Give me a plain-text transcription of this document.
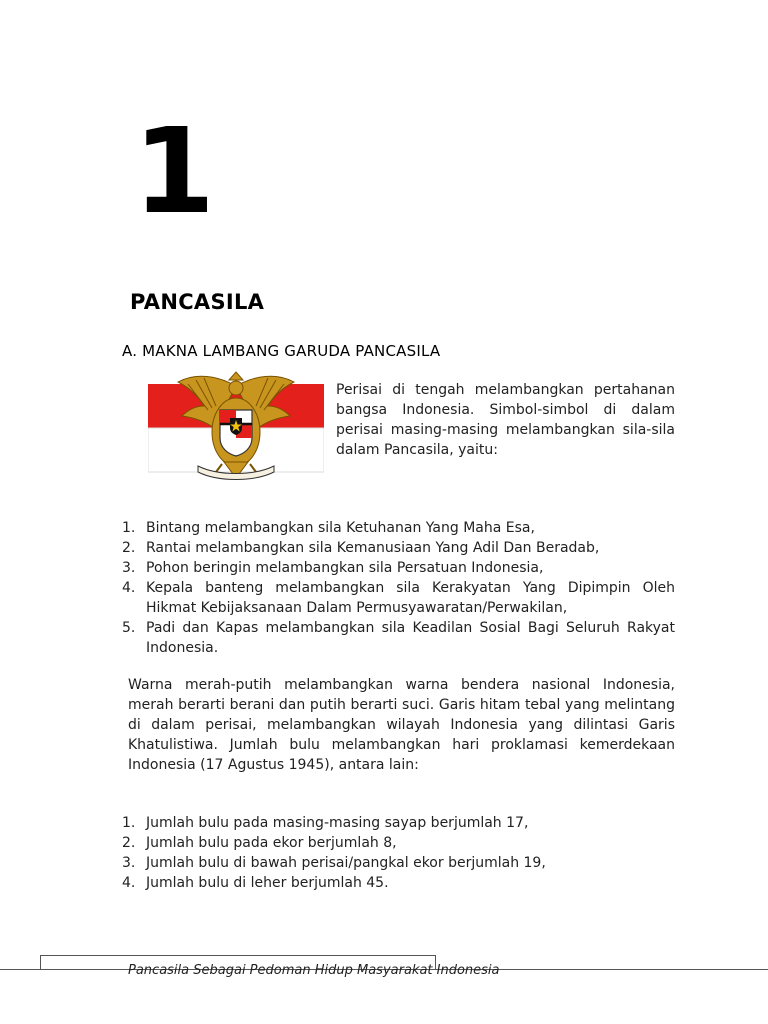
1
PANCASILA
A. MAKNA LAMBANG GARUDA PANCASILA
Perisai di tengah melambangkan pertahanan bangsa Indonesia. Simbol-simbol di dalam perisai masing-masing melambangkan sila-sila dalam Pancasila, yaitu:
1. Bintang melambangkan sila Ketuhanan Yang Maha Esa,
2. Rantai melambangkan sila Kemanusiaan Yang Adil Dan Beradab,
3. Pohon beringin melambangkan sila Persatuan Indonesia,
4. Kepala banteng melambangkan sila Kerakyatan Yang Dipimpin Oleh Hikmat Kebijaksanaan Dalam Permusyawaratan/Perwakilan,
5. Padi dan Kapas melambangkan sila Keadilan Sosial Bagi Seluruh Rakyat Indonesia.
Warna merah-putih melambangkan warna bendera nasional Indonesia, merah berarti berani dan putih berarti suci. Garis hitam tebal yang melintang di dalam perisai, melambangkan wilayah Indonesia yang dilintasi Garis Khatulistiwa. Jumlah bulu melambangkan hari proklamasi kemerdekaan Indonesia (17 Agustus 1945), antara lain:
1. Jumlah bulu pada masing-masing sayap berjumlah 17,
2. Jumlah bulu pada ekor berjumlah 8,
3. Jumlah bulu di bawah perisai/pangkal ekor berjumlah 19,
4. Jumlah bulu di leher berjumlah 45.
Pancasila Sebagai Pedoman Hidup Masyarakat Indonesia
